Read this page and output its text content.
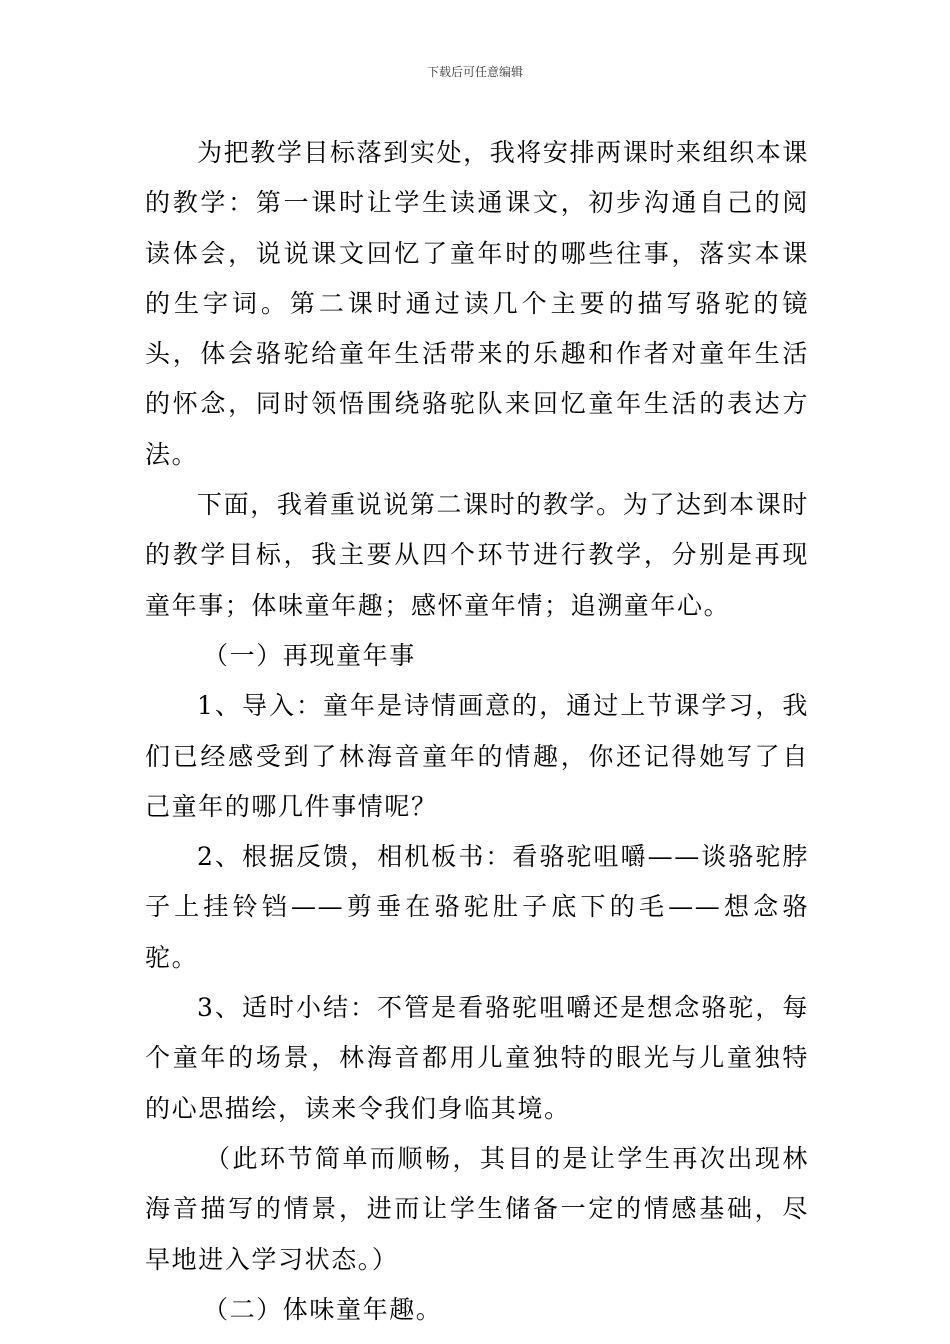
下载后可任意编辑

为把教学目标落到实处，我将安排两课时来组织本课的教学：第一课时让学生读通课文，初步沟通自己的阅读体会，说说课文回忆了童年时的哪些往事，落实本课的生字词。第二课时通过读几个主要的描写骆驼的镜头，体会骆驼给童年生活带来的乐趣和作者对童年生活的怀念，同时领悟围绕骆驼队来回忆童年生活的表达方法。

下面，我着重说说第二课时的教学。为了达到本课时的教学目标，我主要从四个环节进行教学，分别是再现童年事；体味童年趣；感怀童年情；追溯童年心。

（一）再现童年事

1、导入：童年是诗情画意的，通过上节课学习，我们已经感受到了林海音童年的情趣，你还记得她写了自己童年的哪几件事情呢？

2、根据反馈，相机板书：看骆驼咀嚼——谈骆驼脖子上挂铃铛——剪垂在骆驼肚子底下的毛——想念骆驼。

3、适时小结：不管是看骆驼咀嚼还是想念骆驼，每个童年的场景，林海音都用儿童独特的眼光与儿童独特的心思描绘，读来令我们身临其境。

（此环节简单而顺畅，其目的是让学生再次出现林海音描写的情景，进而让学生储备一定的情感基础，尽早地进入学习状态。）

（二）体味童年趣。
